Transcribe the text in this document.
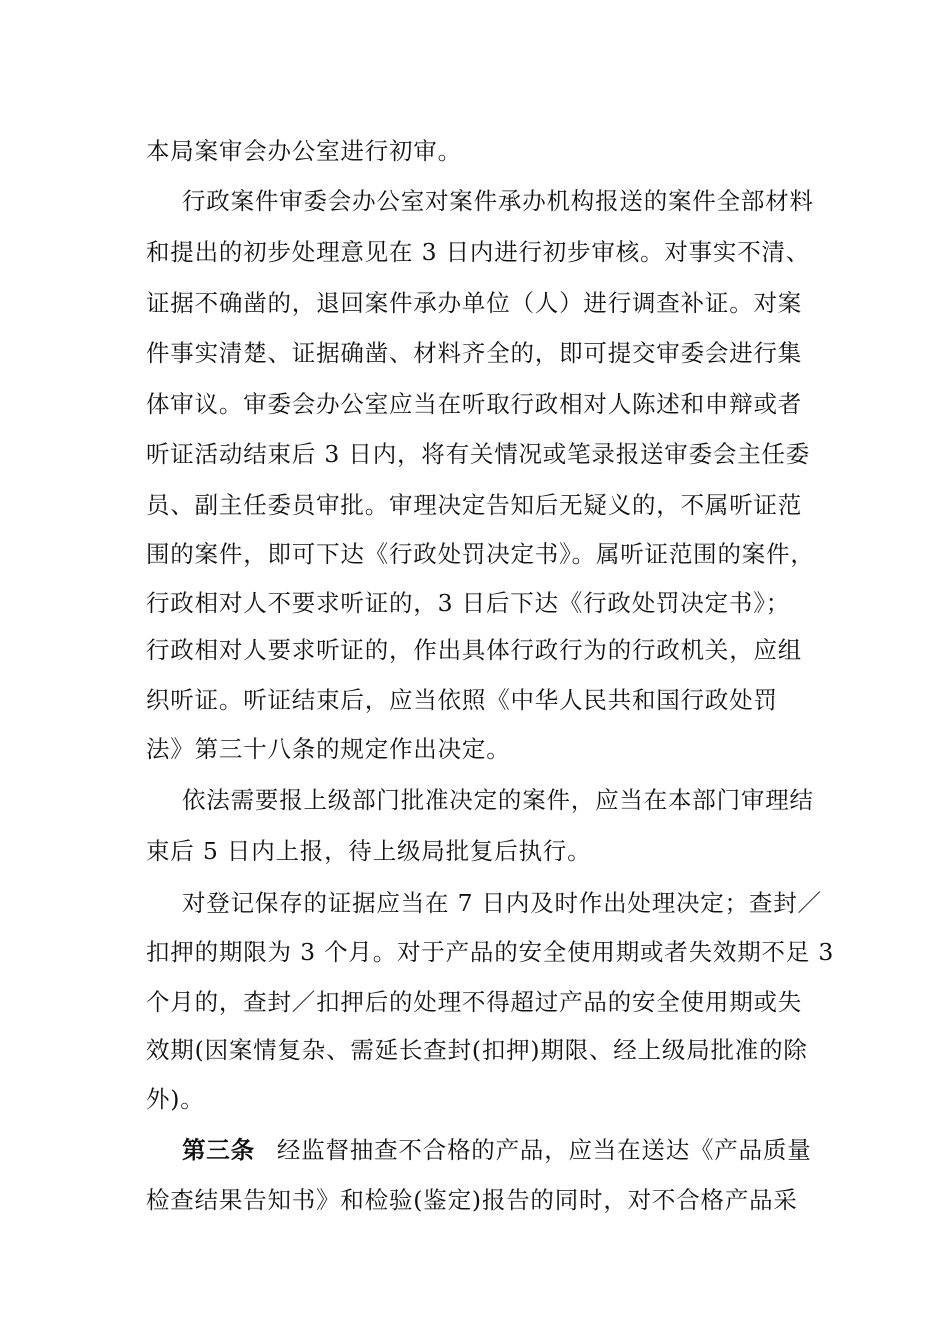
本局案审会办公室进行初审。
行政案件审委会办公室对案件承办机构报送的案件全部材料
和提出的初步处理意见在 3 日内进行初步审核。对事实不清、
证据不确凿的，退回案件承办单位（人）进行调查补证。对案
件事实清楚、证据确凿、材料齐全的，即可提交审委会进行集
体审议。审委会办公室应当在听取行政相对人陈述和申辩或者
听证活动结束后 3 日内，将有关情况或笔录报送审委会主任委
员、副主任委员审批。审理决定告知后无疑义的，不属听证范
围的案件，即可下达《行政处罚决定书》。属听证范围的案件，
行政相对人不要求听证的，3 日后下达《行政处罚决定书》；
行政相对人要求听证的，作出具体行政行为的行政机关，应组
织听证。听证结束后，应当依照《中华人民共和国行政处罚
法》第三十八条的规定作出决定。
依法需要报上级部门批准决定的案件，应当在本部门审理结
束后 5 日内上报，待上级局批复后执行。
对登记保存的证据应当在 7 日内及时作出处理决定；查封／
扣押的期限为 3 个月。对于产品的安全使用期或者失效期不足 3
个月的，查封／扣押后的处理不得超过产品的安全使用期或失
效期(因案情复杂、需延长查封(扣押)期限、经上级局批准的除
外)。
第三条 经监督抽查不合格的产品，应当在送达《产品质量
检查结果告知书》和检验(鉴定)报告的同时，对不合格产品采
